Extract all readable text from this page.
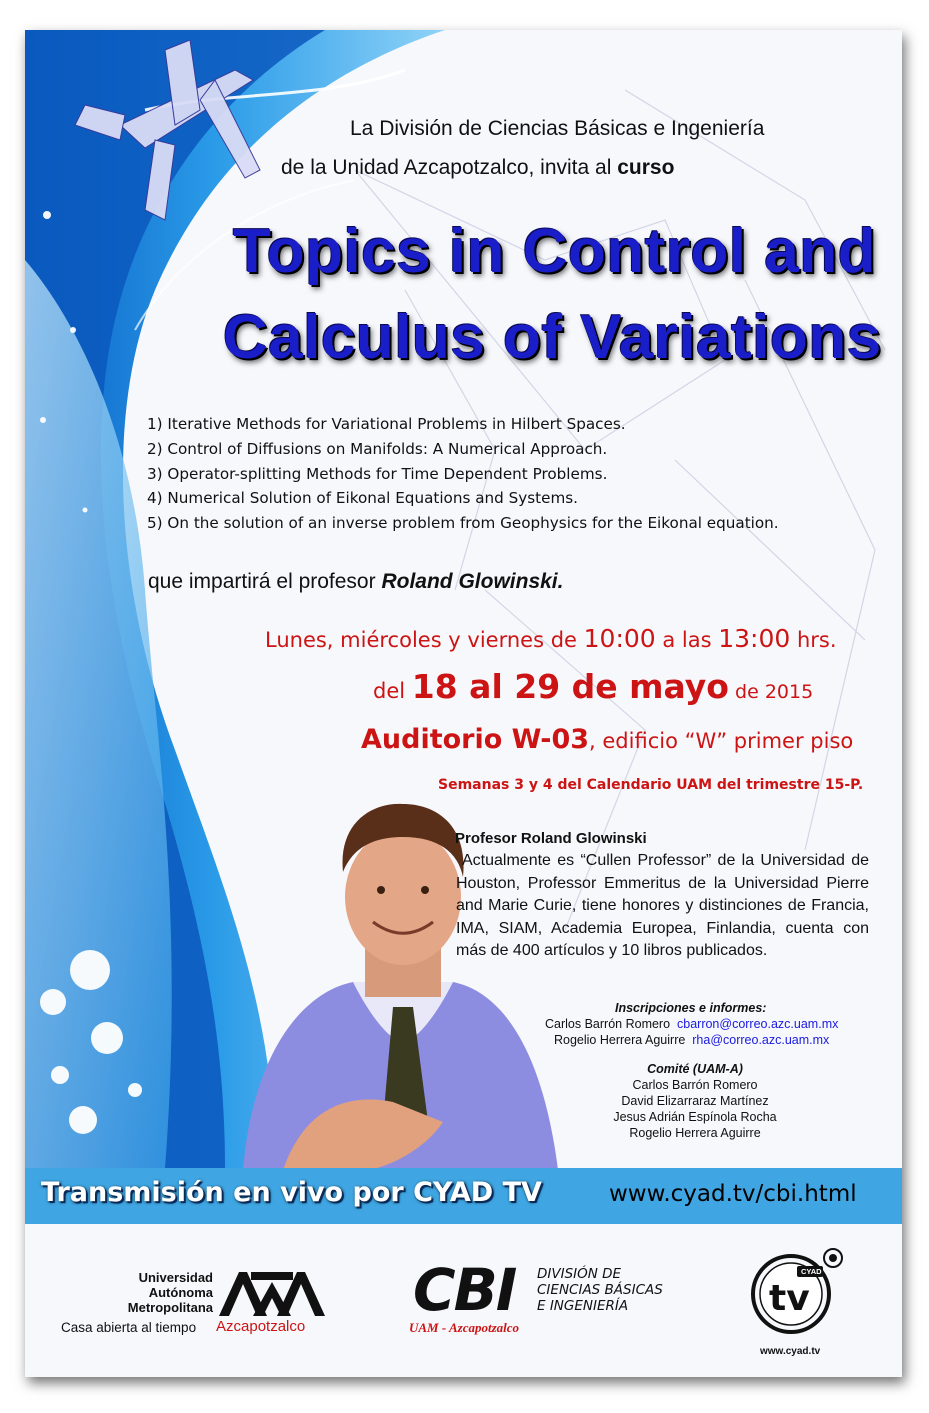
La División de Ciencias Básicas e Ingeniería
de la Unidad Azcapotzalco, invita al curso
Topics in Control and
Calculus of Variations
1) Iterative Methods for Variational Problems in Hilbert Spaces.
2) Control of Diffusions on Manifolds: A Numerical Approach.
3) Operator-splitting Methods for Time Dependent Problems.
4) Numerical Solution of Eikonal Equations and Systems.
5) On the solution of an inverse problem from Geophysics for the Eikonal equation.
que impartirá el profesor Roland Glowinski.
Lunes, miércoles y viernes de 10:00 a las 13:00 hrs.
del 18 al 29 de mayo de 2015
Auditorio W-03, edificio “W” primer piso
Semanas 3 y 4 del Calendario UAM del trimestre 15-P.
Profesor Roland Glowinski
Actualmente es “Cullen Professor” de la Universidad de Houston, Professor Emmeritus de la Universidad Pierre and Marie Curie, tiene honores y distinciones de Francia, IMA, SIAM, Academia Europea, Finlandia, cuenta con más de 400 artículos y 10 libros publicados.
Inscripciones e informes:
Carlos Barrón Romero cbarron@correo.azc.uam.mx
Rogelio Herrera Aguirre rha@correo.azc.uam.mx
Comité (UAM-A)
Carlos Barrón Romero
David Elizarraraz Martínez
Jesus Adrián Espínola Rocha
Rogelio Herrera Aguirre
Transmisión en vivo por CYAD TV	www.cyad.tv/cbi.html
Universidad
Autónoma
Metropolitana
Casa abierta al tiempo Azcapotzalco
CBI
UAM - Azcapotzalco
DIVISIÓN DE
CIENCIAS BÁSICAS
E INGENIERÍA
CYAD
tv
www.cyad.tv
